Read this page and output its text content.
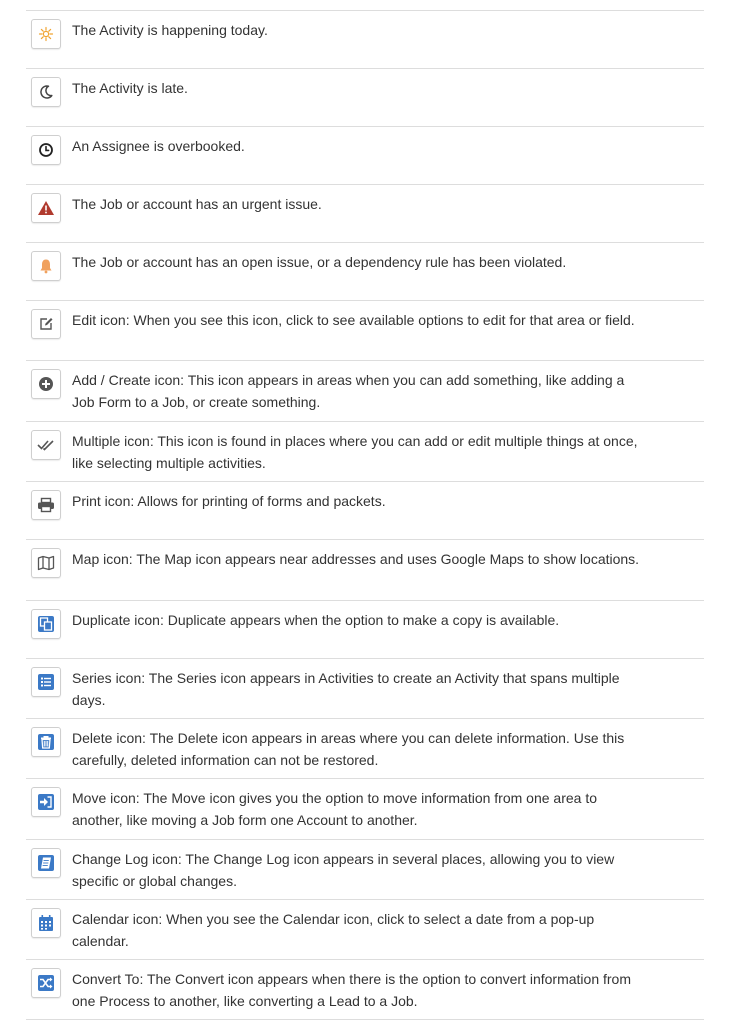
The Activity is happening today.
The Activity is late.
An Assignee is overbooked.
The Job or account has an urgent issue.
The Job or account has an open issue, or a dependency rule has been violated.
Edit icon: When you see this icon, click to see available options to edit for that area or field.
Add / Create icon: This icon appears in areas when you can add something, like adding a Job Form to a Job, or create something.
Multiple icon: This icon is found in places where you can add or edit multiple things at once, like selecting multiple activities.
Print icon: Allows for printing of forms and packets.
Map icon: The Map icon appears near addresses and uses Google Maps to show locations.
Duplicate icon: Duplicate appears when the option to make a copy is available.
Series icon: The Series icon appears in Activities to create an Activity that spans multiple days.
Delete icon: The Delete icon appears in areas where you can delete information. Use this carefully, deleted information can not be restored.
Move icon: The Move icon gives you the option to move information from one area to another, like moving a Job form one Account to another.
Change Log icon: The Change Log icon appears in several places, allowing you to view specific or global changes.
Calendar icon: When you see the Calendar icon, click to select a date from a pop-up calendar.
Convert To: The Convert icon appears when there is the option to convert information from one Process to another, like converting a Lead to a Job.
